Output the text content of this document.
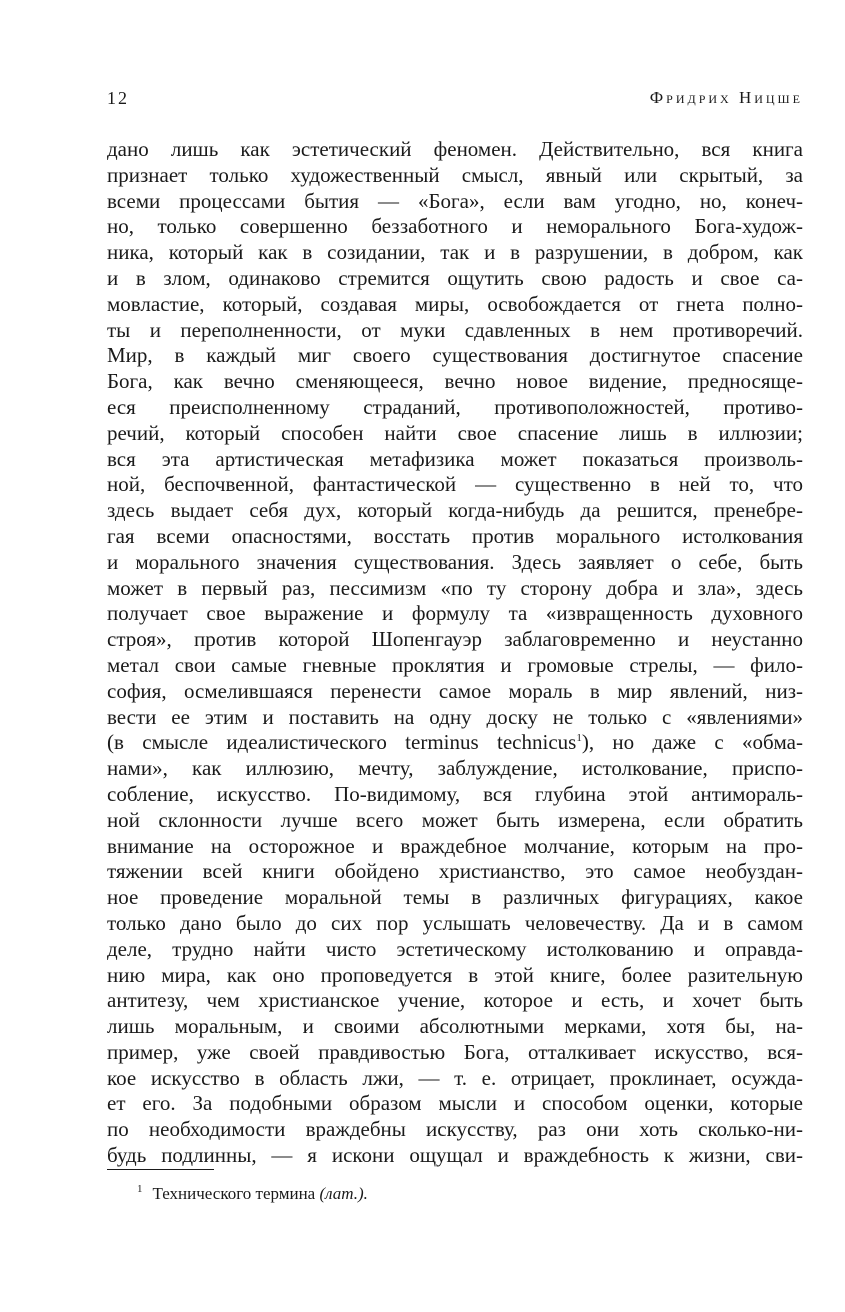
12	Фридрих Ницше
дано лишь как эстетический феномен. Действительно, вся книга
признает только художественный смысл, явный или скрытый, за
всеми процессами бытия — «Бога», если вам угодно, но, конеч-
но, только совершенно беззаботного и неморального Бога-худож-
ника, который как в созидании, так и в разрушении, в добром, как
и в злом, одинаково стремится ощутить свою радость и свое са-
мовластие, который, создавая миры, освобождается от гнета полно-
ты и переполненности, от муки сдавленных в нем противоречий.
Мир, в каждый миг своего существования достигнутое спасение
Бога, как вечно сменяющееся, вечно новое видение, предносяще-
еся преисполненному страданий, противоположностей, противо-
речий, который способен найти свое спасение лишь в иллюзии;
вся эта артистическая метафизика может показаться произволь-
ной, беспочвенной, фантастической — существенно в ней то, что
здесь выдает себя дух, который когда-нибудь да решится, пренебре-
гая всеми опасностями, восстать против морального истолкования
и морального значения существования. Здесь заявляет о себе, быть
может в первый раз, пессимизм «по ту сторону добра и зла», здесь
получает свое выражение и формулу та «извращенность духовного
строя», против которой Шопенгауэр заблаговременно и неустанно
метал свои самые гневные проклятия и громовые стрелы, — фило-
софия, осмелившаяся перенести самое мораль в мир явлений, низ-
вести ее этим и поставить на одну доску не только с «явлениями»
(в смысле идеалистического terminus technicus$^1$), но даже с «обма-
нами», как иллюзию, мечту, заблуждение, истолкование, приспо-
собление, искусство. По-видимому, вся глубина этой антимораль-
ной склонности лучше всего может быть измерена, если обратить
внимание на осторожное и враждебное молчание, которым на про-
тяжении всей книги обойдено христианство, это самое необуздан-
ное проведение моральной темы в различных фигурациях, какое
только дано было до сих пор услышать человечеству. Да и в самом
деле, трудно найти чисто эстетическому истолкованию и оправда-
нию мира, как оно проповедуется в этой книге, более разительную
антитезу, чем христианское учение, которое и есть, и хочет быть
лишь моральным, и своими абсолютными мерками, хотя бы, на-
пример, уже своей правдивостью Бога, отталкивает искусство, вся-
кое искусство в область лжи, — т. е. отрицает, проклинает, осужда-
ет его. За подобными образом мысли и способом оценки, которые
по необходимости враждебны искусству, раз они хоть сколько-ни-
будь подлинны, — я искони ощущал и враждебность к жизни, сви-
$^1$ Технического термина (лат.).
